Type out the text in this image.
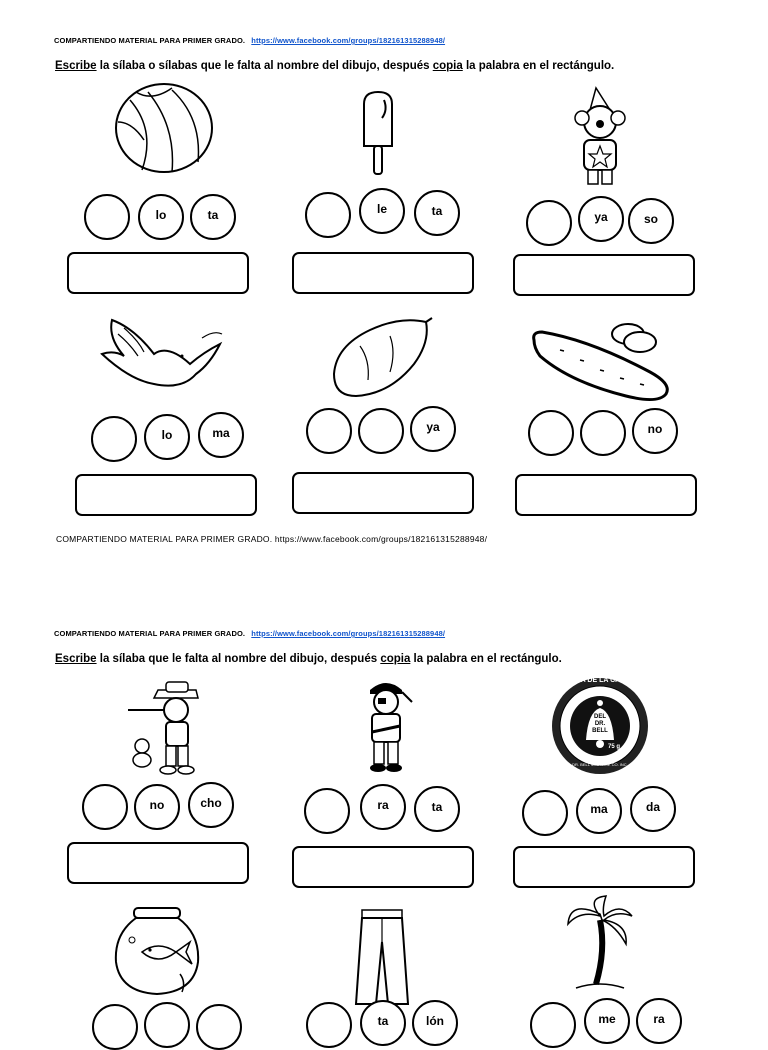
COMPARTIENDO MATERIAL PARA PRIMER GRADO. https://www.facebook.com/groups/182161315288948/
Escribe la sílaba o sílabas que le falta al nombre del dibujo, después copia la palabra en el rectángulo.
lo	ta	le	ta	ya	so
lo	ma	ya	no
COMPARTIENDO MATERIAL PARA PRIMER GRADO. https://www.facebook.com/groups/182161315288948/
COMPARTIENDO MATERIAL PARA PRIMER GRADO. https://www.facebook.com/groups/182161315288948/
Escribe la sílaba que le falta al nombre del dibujo, después copia la palabra en el rectángulo.
POMADA DE LA CAMPANA
DEL
DR.
BELL
75 g
DR. BELL MEDICINE CO. INC.
no	cho	ra	ta	ma	da
ta	lón	me	ra
